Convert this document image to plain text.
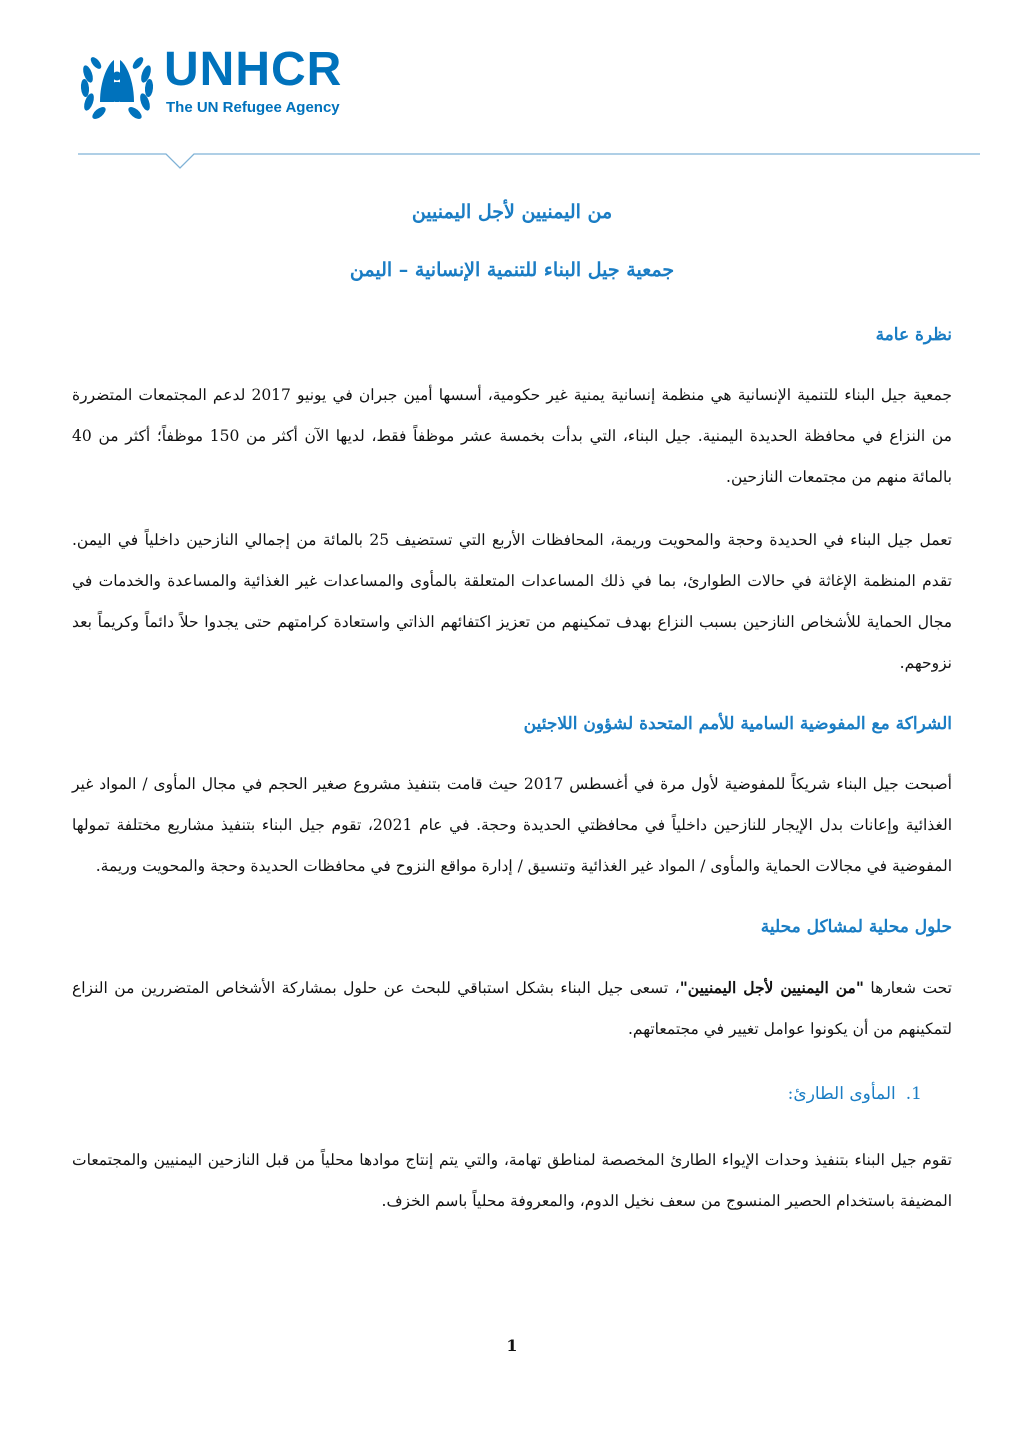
UNHCR
The UN Refugee Agency
من اليمنيين لأجل اليمنيين
جمعية جيل البناء للتنمية الإنسانية – اليمن
نظرة عامة

جمعية جيل البناء للتنمية الإنسانية هي منظمة إنسانية يمنية غير حكومية، أسسها أمين جبران في يونيو 2017 لدعم المجتمعات المتضررة من النزاع في محافظة الحديدة اليمنية. جيل البناء، التي بدأت بخمسة عشر موظفاً فقط، لديها الآن أكثر من 150 موظفاً؛ أكثر من 40 بالمائة منهم من مجتمعات النازحين.

تعمل جيل البناء في الحديدة وحجة والمحويت وريمة، المحافظات الأربع التي تستضيف 25 بالمائة من إجمالي النازحين داخلياً في اليمن. تقدم المنظمة الإغاثة في حالات الطوارئ، بما في ذلك المساعدات المتعلقة بالمأوى والمساعدات غير الغذائية والمساعدة والخدمات في مجال الحماية للأشخاص النازحين بسبب النزاع بهدف تمكينهم من تعزيز اكتفائهم الذاتي واستعادة كرامتهم حتى يجدوا حلاً دائماً وكريماً بعد نزوحهم.

الشراكة مع المفوضية السامية للأمم المتحدة لشؤون اللاجئين

أصبحت جيل البناء شريكاً للمفوضية لأول مرة في أغسطس 2017 حيث قامت بتنفيذ مشروع صغير الحجم في مجال المأوى / المواد غير الغذائية وإعانات بدل الإيجار للنازحين داخلياً في محافظتي الحديدة وحجة. في عام 2021، تقوم جيل البناء بتنفيذ مشاريع مختلفة تمولها المفوضية في مجالات الحماية والمأوى / المواد غير الغذائية وتنسيق / إدارة مواقع النزوح في محافظات الحديدة وحجة والمحويت وريمة.

حلول محلية لمشاكل محلية

تحت شعارها "من اليمنيين لأجل اليمنيين"، تسعى جيل البناء بشكل استباقي للبحث عن حلول بمشاركة الأشخاص المتضررين من النزاع لتمكينهم من أن يكونوا عوامل تغيير في مجتمعاتهم.

1.المأوى الطارئ:

تقوم جيل البناء بتنفيذ وحدات الإيواء الطارئ المخصصة لمناطق تهامة، والتي يتم إنتاج موادها محلياً من قبل النازحين اليمنيين والمجتمعات المضيفة باستخدام الحصير المنسوج من سعف نخيل الدوم، والمعروفة محلياً باسم الخزف.

1
